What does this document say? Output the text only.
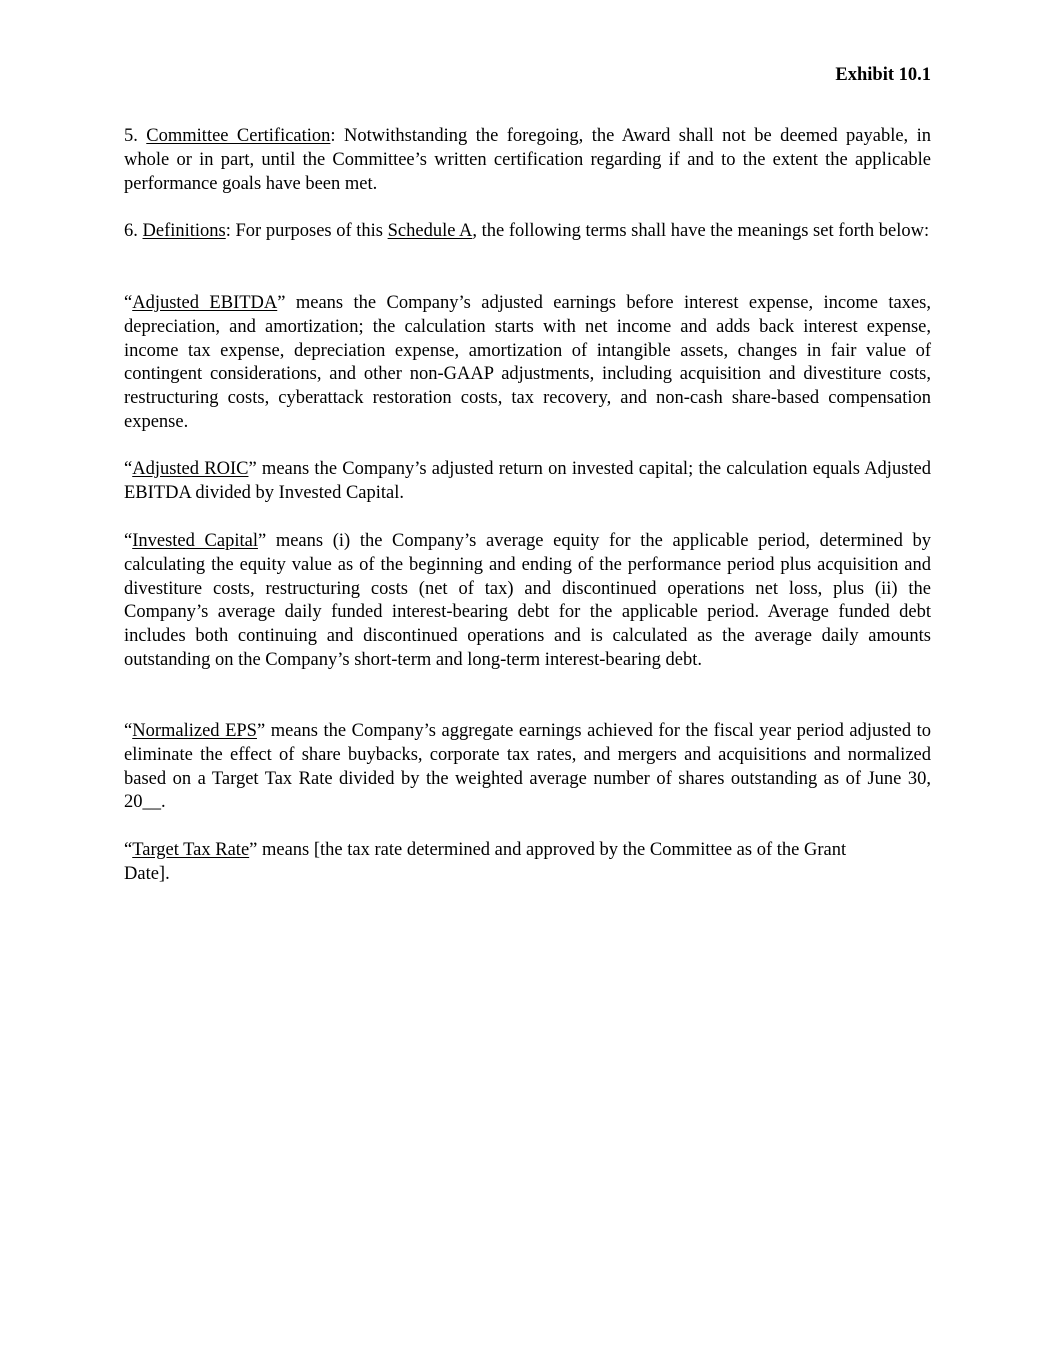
Exhibit 10.1

5. Committee Certification: Notwithstanding the foregoing, the Award shall not be deemed payable, in whole or in part, until the Committee’s written certification regarding if and to the extent the applicable performance goals have been met.

6. Definitions: For purposes of this Schedule A, the following terms shall have the meanings set forth below:

“Adjusted EBITDA” means the Company’s adjusted earnings before interest expense, income taxes, depreciation, and amortization; the calculation starts with net income and adds back interest expense, income tax expense, depreciation expense, amortization of intangible assets, changes in fair value of contingent considerations, and other non-GAAP adjustments, including acquisition and divestiture costs, restructuring costs, cyberattack restoration costs, tax recovery, and non-cash share-based compensation expense.

“Adjusted ROIC” means the Company’s adjusted return on invested capital; the calculation equals Adjusted EBITDA divided by Invested Capital.

“Invested Capital” means (i) the Company’s average equity for the applicable period, determined by calculating the equity value as of the beginning and ending of the performance period plus acquisition and divestiture costs, restructuring costs (net of tax) and discontinued operations net loss, plus (ii) the Company’s average daily funded interest-bearing debt for the applicable period. Average funded debt includes both continuing and discontinued operations and is calculated as the average daily amounts outstanding on the Company’s short-term and long-term interest-bearing debt.

“Normalized EPS” means the Company’s aggregate earnings achieved for the fiscal year period adjusted to eliminate the effect of share buybacks, corporate tax rates, and mergers and acquisitions and normalized based on a Target Tax Rate divided by the weighted average number of shares outstanding as of June 30, 20__.

“Target Tax Rate” means [the tax rate determined and approved by the Committee as of the Grant Date].
